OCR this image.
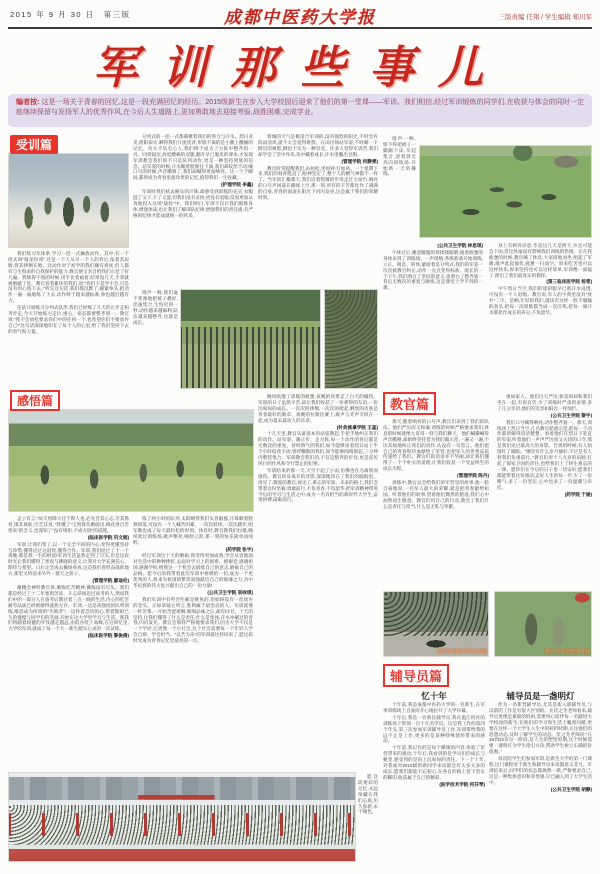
2015 年 9 月 30 日　第三版	成都中医药大学报	三版责编 任翔 / 学生编辑 郑川军
军训那些事儿
编者按: 这是一场关于青春的回忆,这是一段充满回忆的经历。2015级新生在步入大学校园后迎来了他们的第一堂课——军训。我们相信,经过军训锻炼的同学们,在收获与体会的同时一定能继续保留与发扬军人的优秀作风,在今后人生道路上,更加勇敢地去迎接考验,战胜困难,完成学业。
受训篇
感悟篇	教官篇
辅导员篇
教官们的精彩拳术表演	教官为学员整理着装

我们练习军体拳,学习一招一式擒敌动作。其中,有一个招式叫“骑龙绞颈”,这是一个人从另一个人的背后,按着其肩膀,将其摔倒在地。这动作对于初学的我们颇有难度,但人都有与生俱来的自我保护的能力,教官便又亲自给我们示范了好几遍。我练得不熟的时候,用手比着画着,结果没几天,手掌就被磨破了皮。教官看着累坏的我们,说:“你们不是学不会,只是没有用心练下去。”听完这句话,我们都沉默了,握紧拳头,把动作一遍一遍地练了下去,动作终于越来越标准,拳也越打越有力。

连队开始练习分列式队形,我们已经练了几天的正步走和齐步走,今天开始练习走位,重心、姿态都要整齐划一。教官说:“我不会放松要求你们中的任何一个,也希望你们不要放弃自己!”这句话深深地印在了每个人的心里,给了我们坚持下去的勇气和力量。

分列式的一招一式都凝聚着我们的努力与汗水。烈日炎炎,骄阳似火,晒得我们汗流浃背,形影不离的是小腿上酸痛的记忆。功夫不负有心人,我们终于成为了方阵中整齐的一员。回到寝室,放松酸痛的双腿,翻开早已脱皮的课本,才发现军训教会我们的不只是队列动作,更是一种坚持到底的信念。站军姿的时候,汗水顺着脸颊往下淌,我们却纹丝不动;喊口号的时候,声音嘶哑了,我们却喊得更加响亮。这一个个瞬间,都将成为青春里最珍贵的记忆,值得我们一生收藏。

(护理学院 李鑫)

军训时我们拭去额头的汗珠,却感受到训练的充实;衣服湿了又干,干了又湿,但我们没有妥协,更没有退缩,反而更加认真地投入这场“战役”中。我们明白,军训不仅让我们锻炼身体,增强体质,也让我们了解部队纪律,增强我们的责任感,有严格的纪律才能成就统一的风采。

哨声一响,我们毫不犹豫地把被子叠好,迅速集合,生怕迟到一秒,动作越来越麻利,队伍越来越整齐,这就是成长。

蓉城的天气是极适合军训的,没有强烈的阳光,不时会有阵雨清风,就不太会觉得难熬。在田径场站军姿,不时瞄一下附近的树影,倒也不失为一种享受。许多人觉得军训苦,我们却学会了苦中作乐,乐中藏着成长,汗水里酿出甘甜。

(管理学院 何静雯)

教官时常提醒我们,站如松,坐如钟,行如风。一个星期下来,我们的脊背挺直了,眼神坚定了,整个人的精气神都不一样了。当军训汇操那天,我们迈着铿锵的步伐走过主席台,响亮的口号声回荡在操场上空,那一刻,所有的辛苦都化作了满满的自豪,青春的面庞在阳光下闪闪发亮,这是属于我们的荣耀时刻。

哨声一响,恨不得把被子一脚踢下床,早起集合,迎着晨光奔向训练场,开始新一天的操练。

(公共卫生学院 林思琪)

午休过后,睡意朦胧的我揉揉眼睛,拖着疲惫的身体来到了训练场。一声哨响,各班准备开始训练,立正、稍息、转体,紧接着是分列式,我们的军姿一次次被教官纠正,动作一点点变得标准。漫长的一个下午,我们明白了坚持的意义,也明白了整齐划一背后无数次的重复与磨炼,这是课堂上学不到的一课。

身上有刺骨凉意,毕竟这几天是阴天,并且可能会下雨,但这丝毫没有影响我们训练的热情。正在我疲惫的时候,教官喊了休息,大家席地而坐,唱起了军歌,歌声此起彼伏,疲惫一扫而空。原来吃苦也可以这样快乐,原来坚持也可以这样简单,军训像一面镜子,照出了我们最真实的模样。

(第三临床医学院 杨雪)

中午烈日当空,我们的迷彩服早已被汗水浸透,可没有一个人退缩。教官说,军人的字典里没有“放弃”二字。是啊,年轻的我们,就该有这样一股不服输的劲头,把每一次训练都当成一次淬炼,把每一滴汗水都化作成长的养分,不负韶华。

孟子有言:“故天将降大任于斯人也,必先苦其心志,劳其筋骨,饿其体肤,空乏其身。”我懂了“宝剑锋从磨砺出,梅花香自苦寒来”的含义,也深知了“没有规矩,不成方圆”的道理。

(临床医学院 巩文韬)

军训,让我们变了,以一个完全不同的内心,变得更懂坚持与珍惜,懂得迈过这道坎,懂得合作。军训,我们度过了十一个夜晚,那是我一生的财富!军训生活虽然走到了尽头,但是这段时光让我们懂得了黑夜与拂晓的意义,让我对大学充满信心、期待与希望。日后定会再去操场看看,这是我们曾经奋战的地方,那里又将迎来另外一群天之骄子。

(管理学院 廖迪伦)

聚精会神听教官讲,磨练吃苦精神,操练没有尽头。我们都是经过了十二年寒窗苦读、斗志昂扬迈过高考的人,然而我们中的一部分人在备考后期过着三点一线的生活,内心的吃苦耐劳品质已经被磨得荡然无存。军训,一边是高强度的队列训练,唯恐成为所谓的“失败者”;一边怀着急切的心,带着期盼已久的憧憬与同学们的笑颜,开始在这大学里学习与生活。那我们将踏着稳健的步伐越走越远,由低谷绕上高峰,在这回忆里,大学的军训,就成了每一个大一新生踏实心灵的一次试炼。

(临床医学院 黎俊倩)

练了两小时的队列,太阳晒得我们头昏脑涨,汗珠顺着脸颊滑落,可没有一个人喊苦叫累。一次次转体,一次次踏步,唱军歌也成了每天最轻松的时刻。休息时,教官教我们拉歌,晚风吹过训练场,歌声嘹亮,响彻云霄,那一刻的快乐简单而纯粹。

(药学院 张宇)

经过军训这十天的磨砺,我变得更加成熟,学会从容地面对生活中的种种挫折,去面对学习上的困难。感谢党,感谢祖国,感谢学校,给我这一个机会去锻炼自己的意志,磨砺自己的品格。愿今后的我带着此次军训中拼搏的一切,成为一个更优秀的人,将来为祖国的繁荣富强献出自己的绵薄之力,为中华民族的伟大复兴献出自己的一份力量!

(公共卫生学院 袁咏琪)

我们军训中有些苦些累是难免的,但始终没有一丝放弃的念头。正如拿破仑所言,胜利属于最坚忍的人。军训就像一杯苦茶,一开始苦涩难咽,细细品味之后,却有回甘。十天的坚持,让我们懂得了什么是责任,什么是集体,汗水冲刷过的青春,闪闪发光。教官会那样严格地要求我们,因为大学不仅是一个学府,它更像一个小社会,这个社会需要每一个年轻人学会自律、学会担当。“以苦为乐”的军训就这样结束了,愿这段时光成为青春记忆里最亮的一页。

晚风吹散了训练的疲惫,夜晚的风带走了白天的燥热。军训的日子虽然辛苦,却让我们收获了一份难得的友谊,一份沉甸甸的成长。一次次的摔倒,一次次的爬起,晒黑的皮肤是青春最好的勋章。夜晚的拉歌比赛上,歌声与笑声交织在一起,成为夏末最动人的乐章。

(针灸推拿学院 王蕊)

十几天里,教官从最基本的站姿教起,手把手地纠正我们的动作。站军姿、踢正步、走方阵,每一个动作的背后都是无数次的重复。曾经娇气的我们,如今能够顶着烈日站上半个小时纹丝不动;曾经懒散的我们,如今能够闻哨即起,三分钟内整装集合。军训教会我们的,不仅是整齐的步伐,更是雷厉风行的作风和令行禁止的纪律。

军训结束的那一天,天空下起了小雨,仿佛也在为离别而感伤。教官转身离开的背影,深深地印在了我们的脑海里。再见了,敬爱的教官;再见了,难忘的军训。未来的路上,我们会带着这份坚毅,勇敢前行,不负青春,不负韶华,把军训精神带进今后的学习与生活之中,成为一名有担当的新时代大学生,奋勇拼搏,砥砺前行。

愿这段迷彩的记忆,永远珍藏在我们心底,历久弥新,永不褪色。

那天,随着响亮的口号声,教官们来到了我们的队伍。他们严厉而又和蔼,训练的时候严格要求我们,休息的时候就像大哥哥一样与我们聊天。他们喊操喊得声音嘶哑,却始终坚持着为我们做示范,一遍又一遍,不厌其烦地纠正我们的动作,从没有一句怨言。他们把自己的青春和热血献给了军营,也把军人的优秀品质传递给了我们。教官们的话语并不华丽,却让我们懂得了一个个朴实的道理,让我们收获一个受益终生的成长历程。

(管理学院 陈丹)

训练中,教官总会给我们讲军营里的故事,他一脸自豪地说,一名军人最大的荣耀,就是把青春献给祖国。听着他们的故事,望着他们黝黑的脸庞,我们心中油然而生敬意。教官们用自己的行动,教会了我们什么是责任与担当,什么是无私与奉献。

视如家人。他们白天严厉,休息时却和我们坐在一起,有说有笑,少了训练时严肃的表情,多了几分亲切,他们的笑容如阳光一样灿烂。

(公共卫生学院 黎宇)

我们口号喊得响亮,动作整齐划一。那天,训练场上烈日当空,几名教官轮流示范,把每一个动作都讲解得清清楚楚。看着他们在烈日下笔直的军姿,听着他们一声声严厉而又关切的口令,那是我们见过最高大的身影。告别的时候,有人悄悄红了眼眶。“哪里有什么岁月静好,不过是有人替我们负重前行。”教官们用十八九岁的肩膀,扛起了保家卫国的责任,也给我们上了终生难忘的一课。愿你们在今后的日子里一切安好;愿我们都能带着这份感动,走好人生的每一步,少了一份稚气,多了一份坚定,心中也多了一份温暖与牵挂。

(药学院 于涵)

忆十年

十年前,我是成都中医药大学的一名新生,在军事训练场上自豪而开心地拉开了大学序幕。

十年后,我是一名新任辅导员,我在温江校区的训练场上带领一百十几名学员。这是我工作的第四个年头,第三次参加军训辅导员工作,军训带给我的远不止是工作,更多的是某种特殊情怀带来的感动。

十年前,我记住的是每个操课的内容,体验了军营带来的感动;十年后,我看到的是学员们的成长与蜕变,感受到的是肩上沉甸甸的责任。下一个十年,对我或对2015级的新同学来说都会有太多太多的成长,愿我们都能不忘初心,在各自的路上留下坚实的脚印,收获属于自己的精彩。

(医学技术学院 何芬琴)

辅导员是一盏明灯

作为一名新晋辅导员,尤其是新入职辅导员,与以前的工作是有很大区别的。在伏之冬老师看来,辅导员更像是兼职的妈妈,需要用心陪伴每一名踏进大学校园的新生,在他们的学习和生活上嘘寒问暖,更要在这样一个大学生人生中的转折时期,关注他们的思想动态,及时了解学生的动态。伏之冬老师说:“在16到22岁这一阶段,是人生的塑型时期,这个时候需要一盏明灯为学生指引方向,帮助学生树立正确的价值观。”

每次陪学生们参加军训,是新生大学的第一门课程,这门课程对于新生和辅导员来说都意义非凡。军训结束后,同学们的状态都焕然一新,严格要求自己,这是一种集体意识和荣誉感,早已融入到了大学生活中。

(公共卫生学院 胡静)
